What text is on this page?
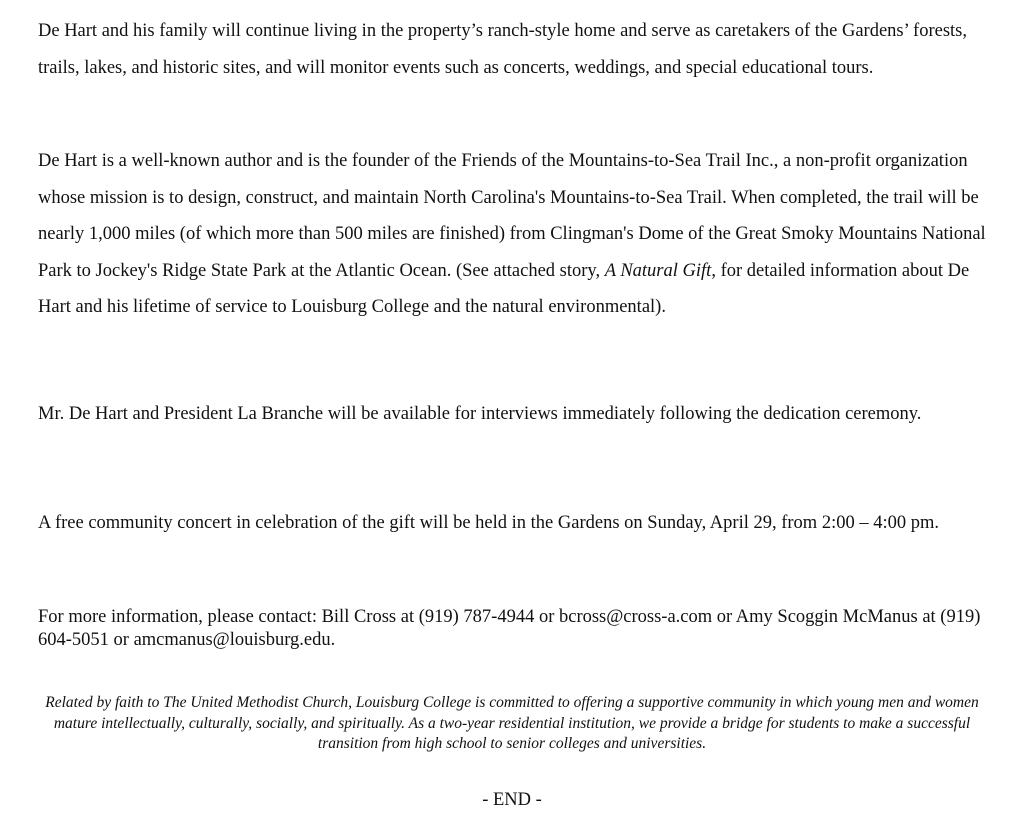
De Hart and his family will continue living in the property’s ranch-style home and serve as caretakers of the Gardens’ forests, trails, lakes, and historic sites, and will monitor events such as concerts, weddings, and special educational tours.

De Hart is a well-known author and is the founder of the Friends of the Mountains-to-Sea Trail Inc., a non-profit organization whose mission is to design, construct, and maintain North Carolina's Mountains-to-Sea Trail. When completed, the trail will be nearly 1,000 miles (of which more than 500 miles are finished) from Clingman's Dome of the Great Smoky Mountains National Park to Jockey's Ridge State Park at the Atlantic Ocean. (See attached story, A Natural Gift, for detailed information about De Hart and his lifetime of service to Louisburg College and the natural environmental).

Mr. De Hart and President La Branche will be available for interviews immediately following the dedication ceremony.

A free community concert in celebration of the gift will be held in the Gardens on Sunday, April 29, from 2:00 – 4:00 pm.

For more information, please contact: Bill Cross at (919) 787-4944 or bcross@cross-a.com or Amy Scoggin McManus at (919) 604-5051 or amcmanus@louisburg.edu.

Related by faith to The United Methodist Church, Louisburg College is committed to offering a supportive community in which young men and women mature intellectually, culturally, socially, and spiritually. As a two-year residential institution, we provide a bridge for students to make a successful transition from high school to senior colleges and universities.

- END -
